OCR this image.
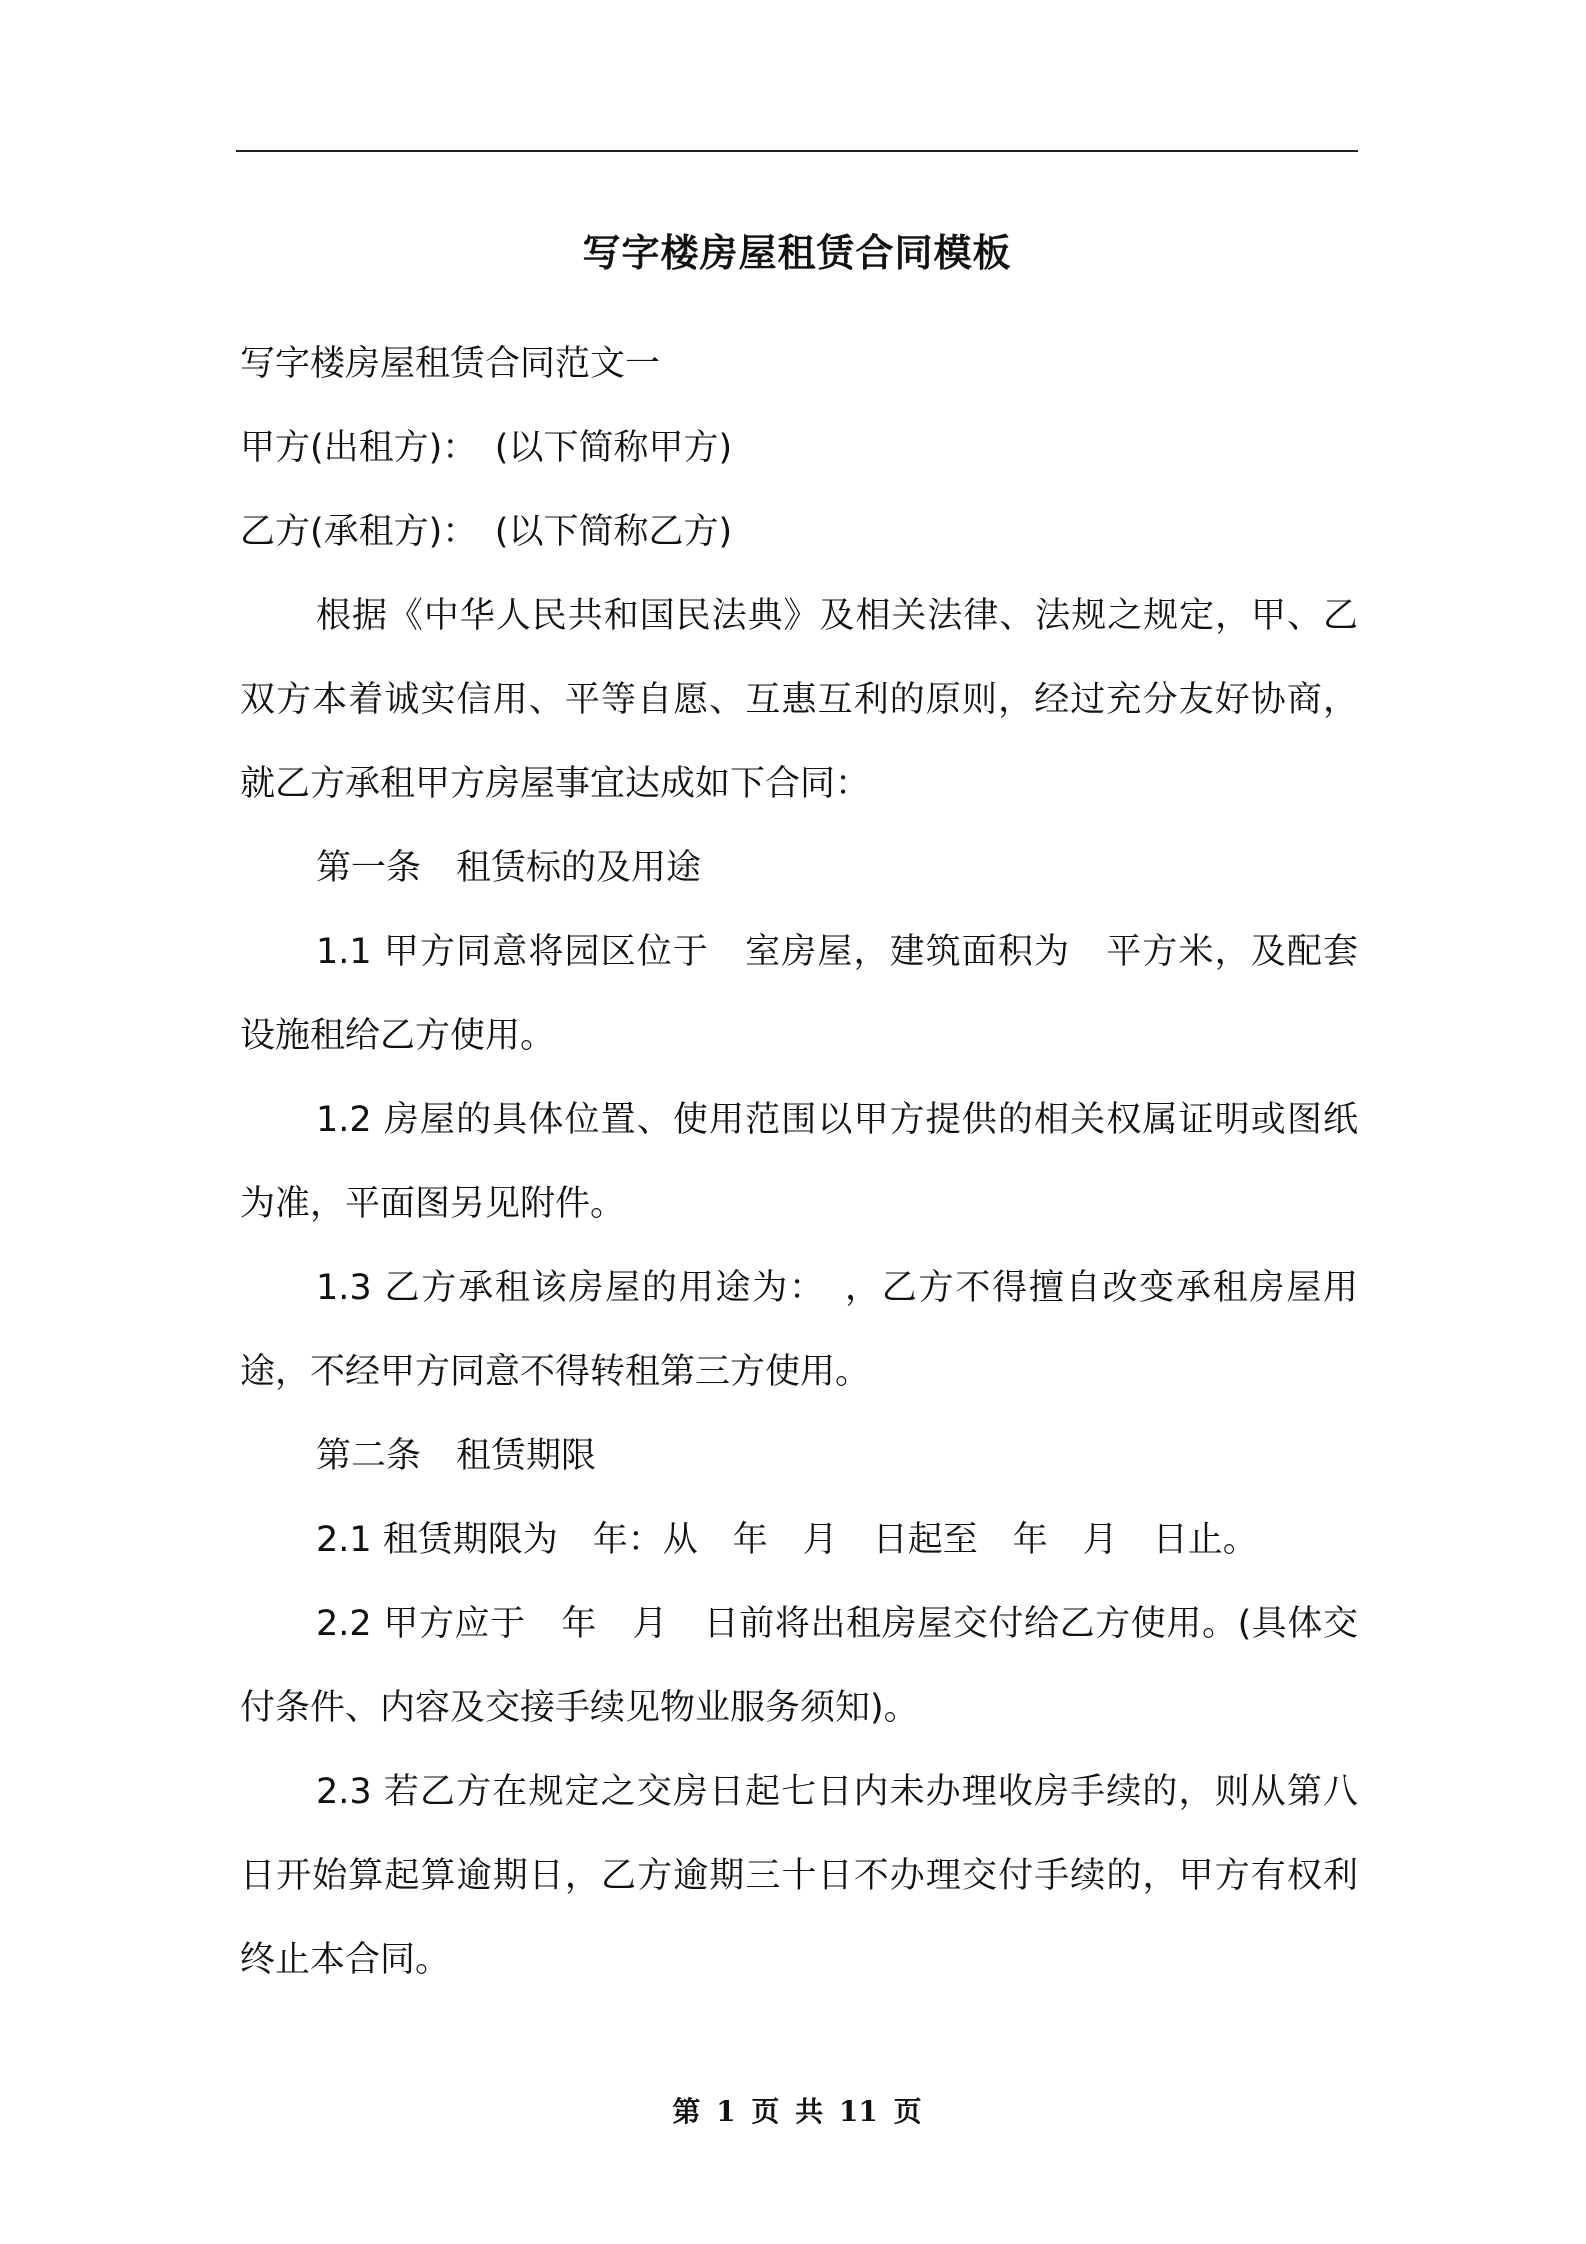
写字楼房屋租赁合同模板

写字楼房屋租赁合同范文一

甲方(出租方)：　(以下简称甲方)

乙方(承租方)：　(以下简称乙方)

根据《中华人民共和国民法典》及相关法律、法规之规定，甲、乙双方本着诚实信用、平等自愿、互惠互利的原则，经过充分友好协商，就乙方承租甲方房屋事宜达成如下合同：

第一条　租赁标的及用途

1.1 甲方同意将园区位于　室房屋，建筑面积为　平方米，及配套设施租给乙方使用。

1.2 房屋的具体位置、使用范围以甲方提供的相关权属证明或图纸为准，平面图另见附件。

1.3 乙方承租该房屋的用途为：　，乙方不得擅自改变承租房屋用途，不经甲方同意不得转租第三方使用。

第二条　租赁期限

2.1 租赁期限为　年：从　年　月　日起至　年　月　日止。

2.2 甲方应于　年　月　日前将出租房屋交付给乙方使用。(具体交付条件、内容及交接手续见物业服务须知)。

2.3 若乙方在规定之交房日起七日内未办理收房手续的，则从第八日开始算起算逾期日，乙方逾期三十日不办理交付手续的，甲方有权利终止本合同。

第 1 页 共 11 页
